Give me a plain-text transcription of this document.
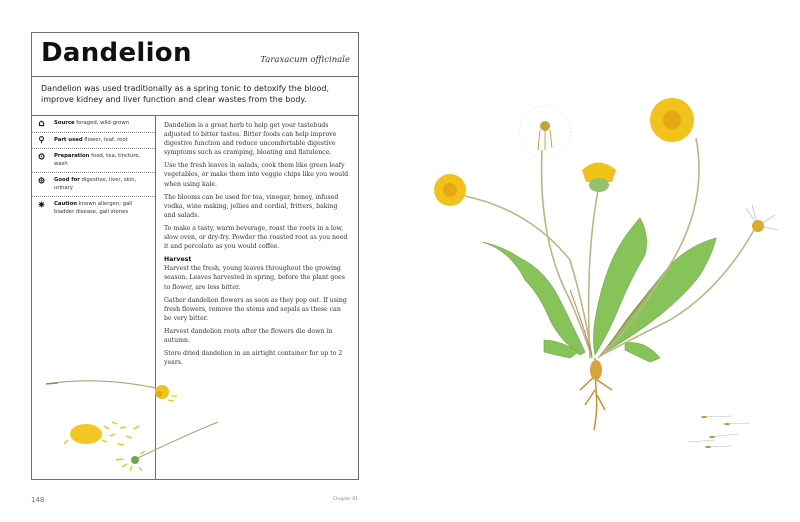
Dandelion	Taraxacum officinale
Dandelion was used traditionally as a spring tonic to detoxify the blood, improve kidney and liver function and clear wastes from the body.
Source foraged, wild-grown
Part used flower, leaf, root
Preparation food, tea, tincture, wash
Good for digestive, liver, skin, urinary
Caution known allergen; gall bladder disease, gall stones

Dandelion is a great herb to help get your tastebuds adjusted to bitter tastes. Bitter foods can help improve digestive function and reduce uncomfortable digestive symptoms such as cramping, bloating and flatulence.

Use the fresh leaves in salads, cook them like green leafy vegetables, or make them into veggie chips like you would when using kale.

The blooms can be used for tea, vinegar, honey, infused vodka, wine making, jellies and cordial, fritters, baking and salads.

To make a tasty, warm beverage, roast the roots in a low, slow oven, or dry-fry. Powder the roasted root as you need it and percolate as you would coffee.

Harvest

Harvest the fresh, young leaves throughout the growing season. Leaves harvested in spring, before the plant goes to flower, are less bitter.

Gather dandelion flowers as soon as they pop out. If using fresh flowers, remove the stems and sepals as these can be very bitter.

Harvest dandelion roots after the flowers die down in autumn.

Store dried dandelion in an airtight container for up to 2 years.

148	Chapter 01
